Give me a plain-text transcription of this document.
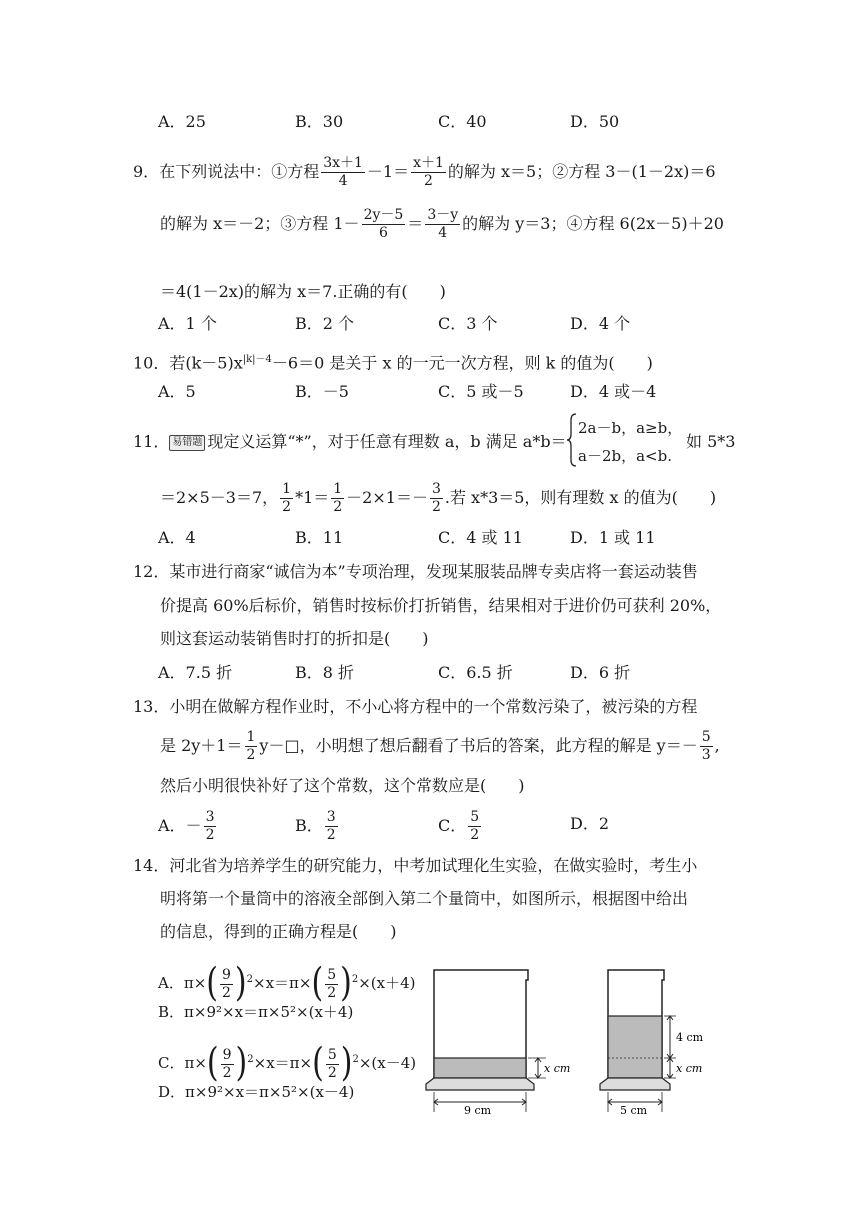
A．25	B．30	C．40	D．50
9．在下列说法中：①方程 $\frac{3x+1}{4} -1= \frac{x+1}{2}$ 的解为 x＝5；②方程 3－(1－2x)＝6
的解为 x＝－2；③方程 $1- \frac{2y-5}{6} = \frac{3-y}{4}$ 的解为 y＝3；④方程 6(2x－5)＋20
＝4(1－2x)的解为 x＝7.正确的有(　　)
A．1 个	B．2 个	C．3 个	D．4 个
10．若$(k-5)x^{|k|-4}-6=0$ 是关于 x 的一元一次方程，则 k 的值为(　　)
A．5	B．－5	C．5 或－5	D．4 或－4
11． 易错题 现定义运算“*”，对于任意有理数 a，b 满足 a*b＝
2a－b，a≥b，
a－2b，a<b.
如 5*3
＝2×5－3＝7， $\frac{1}{2} *1= \frac{1}{2} -2\times 1=- \frac{3}{2}$ .若 x*3＝5，则有理数 x 的值为(　　)
A．4	B．11	C．4 或 11	D．1 或 11
12．某市进行商家“诚信为本”专项治理，发现某服装品牌专卖店将一套运动装售
价提高 60%后标价，销售时按标价打折销售，结果相对于进价仍可获利 20%，
则这套运动装销售时打的折扣是(　　)
A．7.5 折	B．8 折	C．6.5 折	D．6 折
13．小明在做解方程作业时，不小心将方程中的一个常数污染了，被污染的方程
是 $2y+1= \frac{1}{2}$ y－□，小明想了想后翻看了书后的答案，此方程的解是 $y=- \frac{5}{3}$ ,
然后小明很快补好了这个常数，这个常数应是(　　)
A．－ $\frac{3}{2}$	B． $\frac{3}{2}$	C． $\frac{5}{2}$	D．2
14．河北省为培养学生的研究能力，中考加试理化生实验，在做实验时，考生小
明将第一个量筒中的溶液全部倒入第二个量筒中，如图所示，根据图中给出
的信息，得到的正确方程是(　　)
A．$\pi\times( \frac{9}{2} )^2\times x=\pi\times( \frac{5}{2} )^2\times(x+4)$
B．π×9²×x＝π×5²×(x＋4)
C．$\pi\times( \frac{9}{2} )^2\times x=\pi\times( \frac{5}{2} )^2\times(x-4)$
D．π×9²×x＝π×5²×(x－4)
x cm
9 cm
4 cm
x cm
5 cm
